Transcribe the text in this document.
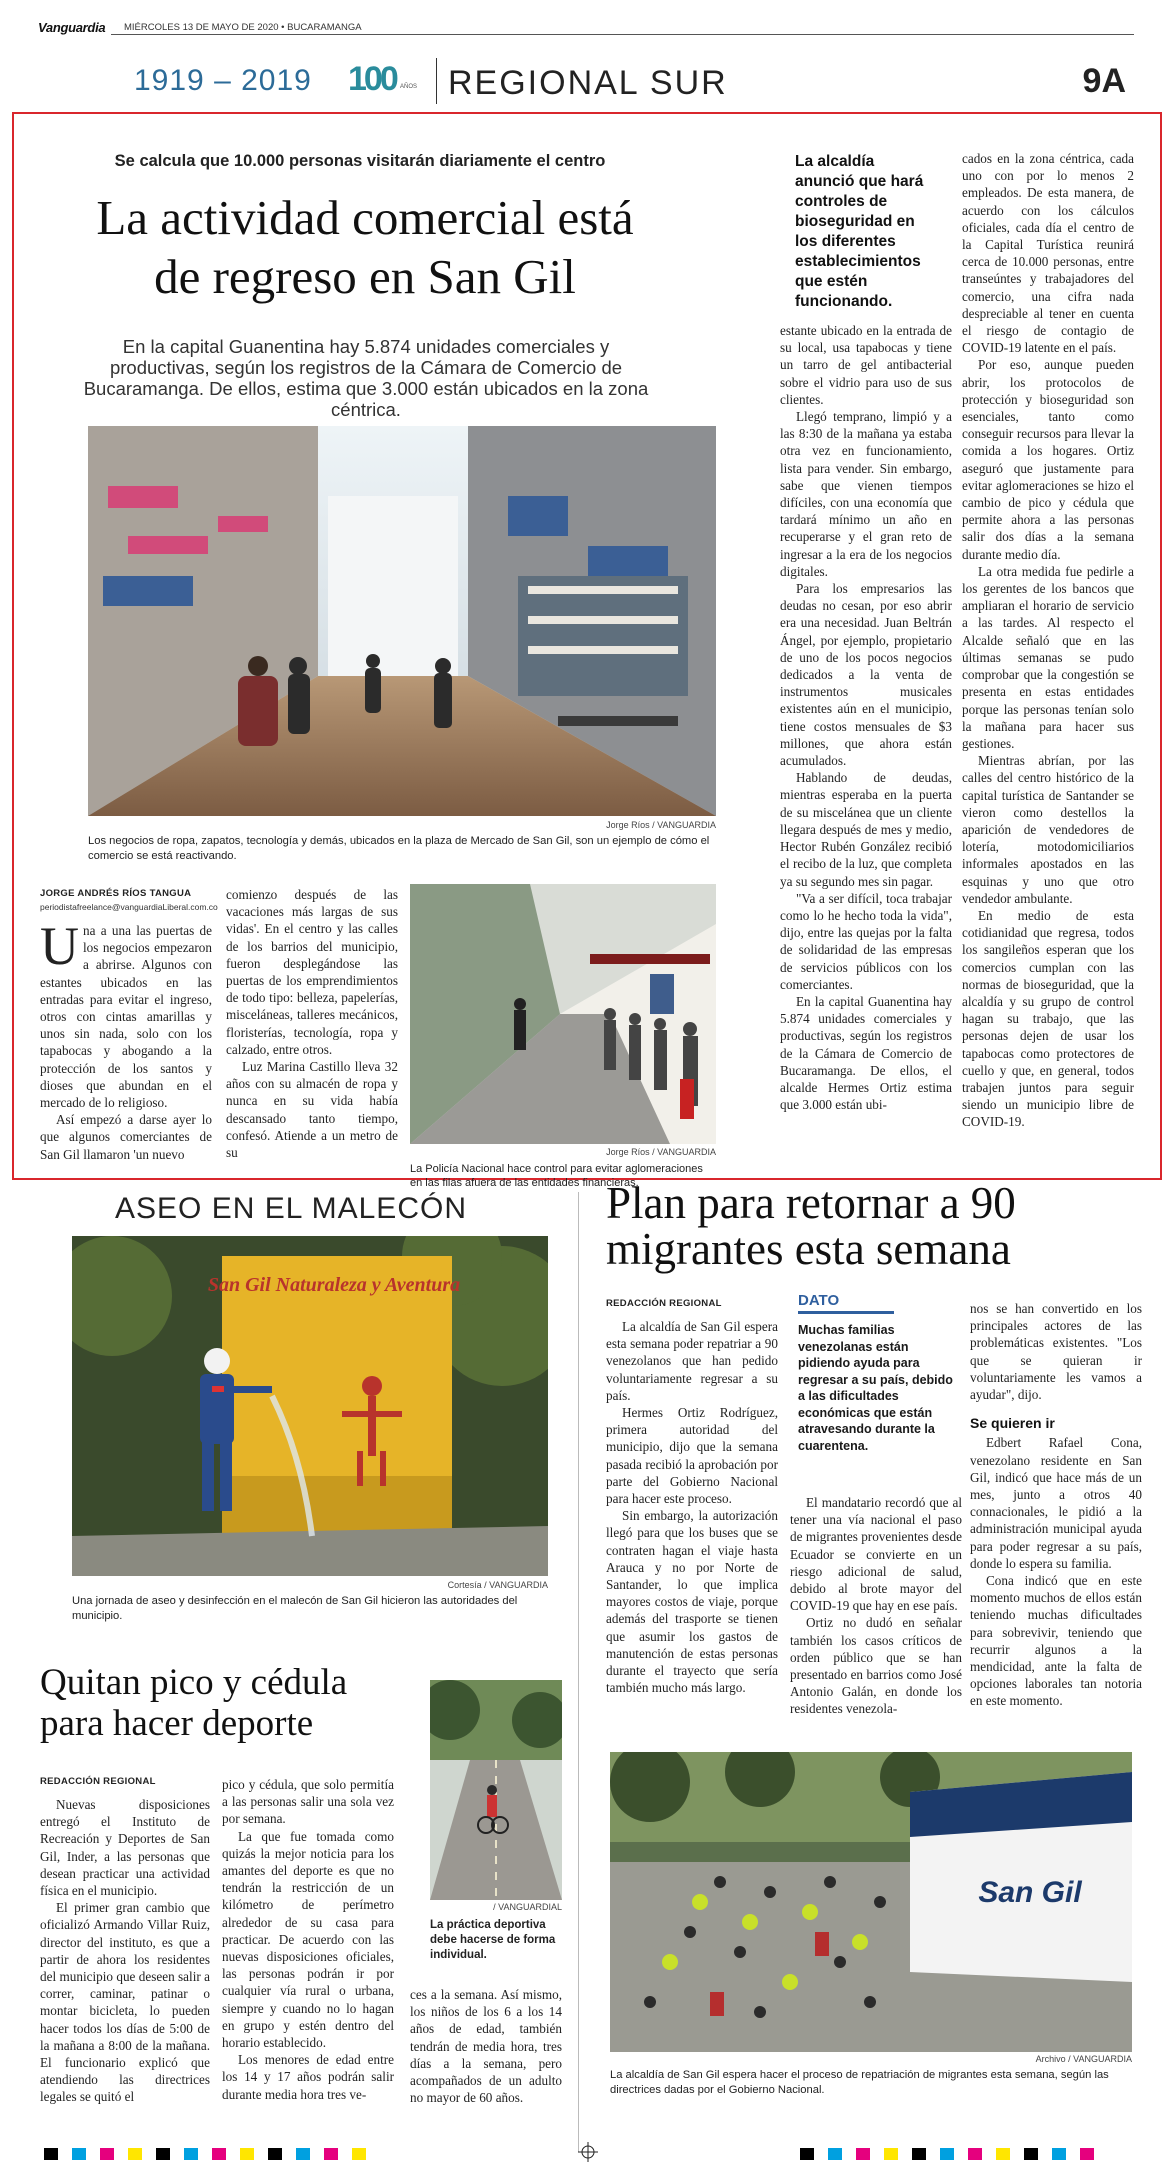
Vanguardia	MIÉRCOLES 13 DE MAYO DE 2020 • BUCARAMANGA
1919 – 2019 100 AÑOS REGIONAL SUR	9A
Se calcula que 10.000 personas visitarán diariamente el centro
La actividad comercial está
de regreso en San Gil
En la capital Guanentina hay 5.874 unidades comerciales y productivas, según los registros de la Cámara de Comercio de Bucaramanga. De ellos, estima que 3.000 están ubicados en la zona céntrica.
Jorge Ríos / VANGUARDIA
Los negocios de ropa, zapatos, tecnología y demás, ubicados en la plaza de Mercado de San Gil, son un ejemplo de cómo el comercio se está reactivando.
JORGE ANDRÉS RÍOS TANGUA
periodistafreelance@vanguardiaLiberal.com.co

Una a una las puertas de los negocios empezaron a abrirse. Algunos con estantes ubicados en las entradas para evitar el ingreso, otros con cintas amarillas y unos sin nada, solo con los tapabocas y abogando a la protección de los santos y dioses que abundan en el mercado de lo religioso.

Así empezó a darse ayer lo que algunos comerciantes de San Gil llamaron 'un nuevo

comienzo después de las vacaciones más largas de sus vidas'. En el centro y las calles de los barrios del municipio, fueron desplegándose las puertas de los emprendimientos de todo tipo: belleza, papelerías, misceláneas, talleres mecánicos, floristerías, tecnología, ropa y calzado, entre otros.

Luz Marina Castillo lleva 32 años con su almacén de ropa y nunca en su vida había descansado tanto tiempo, confesó. Atiende a un metro de su	Jorge Ríos / VANGUARDIA
La Policía Nacional hace control para evitar aglomeraciones en las filas afuera de las entidades financieras.
La alcaldía anunció que hará controles de bioseguridad en los diferentes establecimientos que estén funcionando.

estante ubicado en la entrada de su local, usa tapabocas y tiene un tarro de gel antibacterial sobre el vidrio para uso de sus clientes.

Llegó temprano, limpió y a las 8:30 de la mañana ya estaba otra vez en funcionamiento, lista para vender. Sin embargo, sabe que vienen tiempos difíciles, con una economía que tardará mínimo un año en recuperarse y el gran reto de ingresar a la era de los negocios digitales.

Para los empresarios las deudas no cesan, por eso abrir era una necesidad. Juan Beltrán Ángel, por ejemplo, propietario de uno de los pocos negocios dedicados a la venta de instrumentos musicales existentes aún en el municipio, tiene costos mensuales de $3 millones, que ahora están acumulados.

Hablando de deudas, mientras esperaba en la puerta de su miscelánea que un cliente llegara después de mes y medio, Hector Rubén González recibió el recibo de la luz, que completa ya su segundo mes sin pagar.

"Va a ser difícil, toca trabajar como lo he hecho toda la vida", dijo, entre las quejas por la falta de solidaridad de las empresas de servicios públicos con los comerciantes.

En la capital Guanentina hay 5.874 unidades comerciales y productivas, según los registros de la Cámara de Comercio de Bucaramanga. De ellos, el alcalde Hermes Ortiz estima que 3.000 están ubi-

cados en la zona céntrica, cada uno con por lo menos 2 empleados. De esta manera, de acuerdo con los cálculos oficiales, cada día el centro de la Capital Turística reunirá cerca de 10.000 personas, entre transeúntes y trabajadores del comercio, una cifra nada despreciable al tener en cuenta el riesgo de contagio de COVID-19 latente en el país.

Por eso, aunque pueden abrir, los protocolos de protección y bioseguridad son esenciales, tanto como conseguir recursos para llevar la comida a los hogares. Ortiz aseguró que justamente para evitar aglomeraciones se hizo el cambio de pico y cédula que permite ahora a las personas salir dos días a la semana durante medio día.

La otra medida fue pedirle a los gerentes de los bancos que ampliaran el horario de servicio a las tardes. Al respecto el Alcalde señaló que en las últimas semanas se pudo comprobar que la congestión se presenta en estas entidades porque las personas tenían solo la mañana para hacer sus gestiones.

Mientras abrían, por las calles del centro histórico de la capital turística de Santander se vieron como destellos la aparición de vendedores de lotería, motodomiciliarios informales apostados en las esquinas y uno que otro vendedor ambulante.

En medio de esta cotidianidad que regresa, todos los sangileños esperan que los comercios cumplan con las normas de bioseguridad, que la alcaldía y su grupo de control hagan su trabajo, que las personas dejen de usar los tapabocas como protectores de cuello y que, en general, todos trabajen juntos para seguir siendo un municipio libre de COVID-19.

ASEO EN EL MALECÓN
San Gil Naturaleza y Aventura
Cortesía / VANGUARDIA
Una jornada de aseo y desinfección en el malecón de San Gil hicieron las autoridades del municipio.
Plan para retornar a 90
migrantes esta semana
REDACCIÓN REGIONAL

La alcaldía de San Gil espera esta semana poder repatriar a 90 venezolanos que han pedido voluntariamente regresar a su país.

Hermes Ortiz Rodríguez, primera autoridad del municipio, dijo que la semana pasada recibió la aprobación por parte del Gobierno Nacional para hacer este proceso.

Sin embargo, la autorización llegó para que los buses que se contraten hagan el viaje hasta Arauca y no por Norte de Santander, lo que implica mayores costos de viaje, porque además del trasporte se tienen que asumir los gastos de manutención de estas personas durante el trayecto que sería también mucho más largo.

DATO
Muchas familias venezolanas están pidiendo ayuda para regresar a su país, debido a las dificultades económicas que están atravesando durante la cuarentena.

El mandatario recordó que al tener una vía nacional el paso de migrantes provenientes desde Ecuador se convierte en un riesgo adicional de salud, debido al brote mayor del COVID-19 que hay en ese país.

Ortiz no dudó en señalar también los casos críticos de orden público que se han presentado en barrios como José Antonio Galán, en donde los residentes venezola-

nos se han convertido en los principales actores de las problemáticas existentes. "Los que se quieran ir voluntariamente les vamos a ayudar", dijo.

Se quieren ir

Edbert Rafael Cona, venezolano residente en San Gil, indicó que hace más de un mes, junto a otros 40 connacionales, le pidió a la administración municipal ayuda para poder regresar a su país, donde lo espera su familia.

Cona indicó que en este momento muchos de ellos están teniendo muchas dificultades para sobrevivir, teniendo que recurrir algunos a la mendicidad, ante la falta de opciones laborales tan notoria en este momento.

San Gil
Archivo / VANGUARDIA
La alcaldía de San Gil espera hacer el proceso de repatriación de migrantes esta semana, según las directrices dadas por el Gobierno Nacional.
Quitan pico y cédula
para hacer deporte
REDACCIÓN REGIONAL

Nuevas disposiciones entregó el Instituto de Recreación y Deportes de San Gil, Inder, a las personas que desean practicar una actividad física en el municipio.

El primer gran cambio que oficializó Armando Villar Ruiz, director del instituto, es que a partir de ahora los residentes del municipio que deseen salir a correr, caminar, patinar o montar bicicleta, lo pueden hacer todos los días de 5:00 de la mañana a 8:00 de la mañana. El funcionario explicó que atendiendo las directrices legales se quitó el

pico y cédula, que solo permitía a las personas salir una sola vez por semana.

La que fue tomada como quizás la mejor noticia para los amantes del deporte es que no tendrán la restricción de un kilómetro de perímetro alrededor de su casa para practicar. De acuerdo con las nuevas disposiciones oficiales, las personas podrán ir por cualquier vía rural o urbana, siempre y cuando no lo hagan en grupo y estén dentro del horario establecido.

Los menores de edad entre los 14 y 17 años podrán salir durante media hora tres ve-

/ VANGUARDIAL
La práctica deportiva debe hacerse de forma individual.

ces a la semana. Así mismo, los niños de los 6 a los 14 años de edad, también tendrán de media hora, tres días a la semana, pero acompañados de un adulto no mayor de 60 años.
